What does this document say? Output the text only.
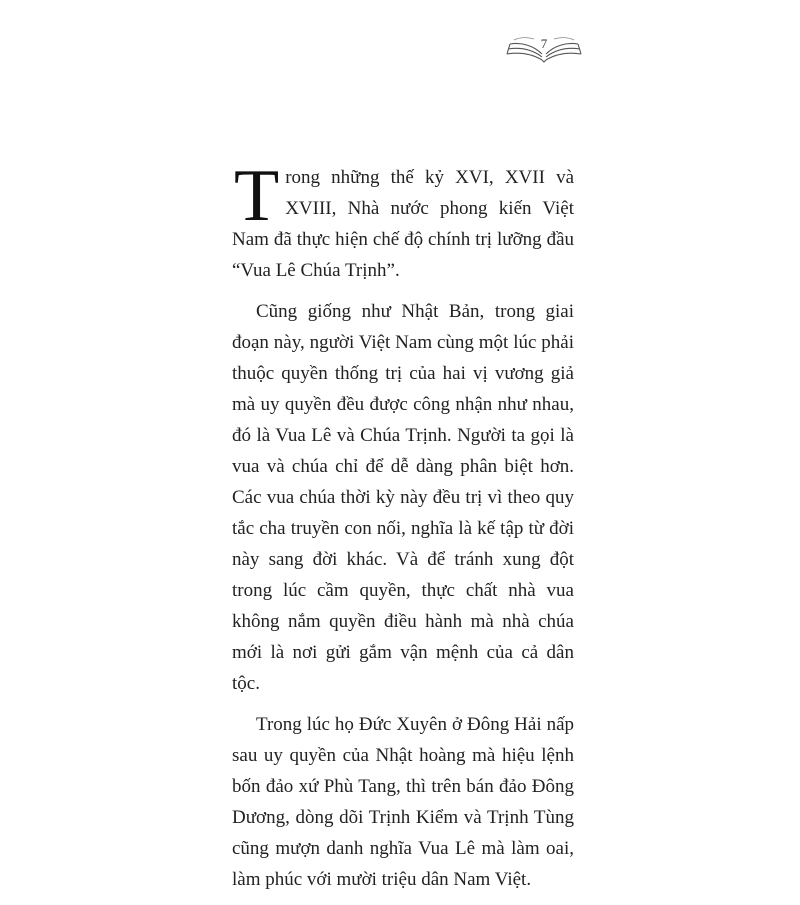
7

Trong những thế kỷ XVI, XVII và XVIII, Nhà nước phong kiến Việt Nam đã thực hiện chế độ chính trị lưỡng đầu “Vua Lê Chúa Trịnh”.

Cũng giống như Nhật Bản, trong giai đoạn này, người Việt Nam cùng một lúc phải thuộc quyền thống trị của hai vị vương giả mà uy quyền đều được công nhận như nhau, đó là Vua Lê và Chúa Trịnh. Người ta gọi là vua và chúa chỉ để dễ dàng phân biệt hơn. Các vua chúa thời kỳ này đều trị vì theo quy tắc cha truyền con nối, nghĩa là kế tập từ đời này sang đời khác. Và để tránh xung đột trong lúc cầm quyền, thực chất nhà vua không nắm quyền điều hành mà nhà chúa mới là nơi gửi gắm vận mệnh của cả dân tộc.

Trong lúc họ Đức Xuyên ở Đông Hải nấp sau uy quyền của Nhật hoàng mà hiệu lệnh bốn đảo xứ Phù Tang, thì trên bán đảo Đông Dương, dòng dõi Trịnh Kiểm và Trịnh Tùng cũng mượn danh nghĩa Vua Lê mà làm oai, làm phúc với mười triệu dân Nam Việt.
